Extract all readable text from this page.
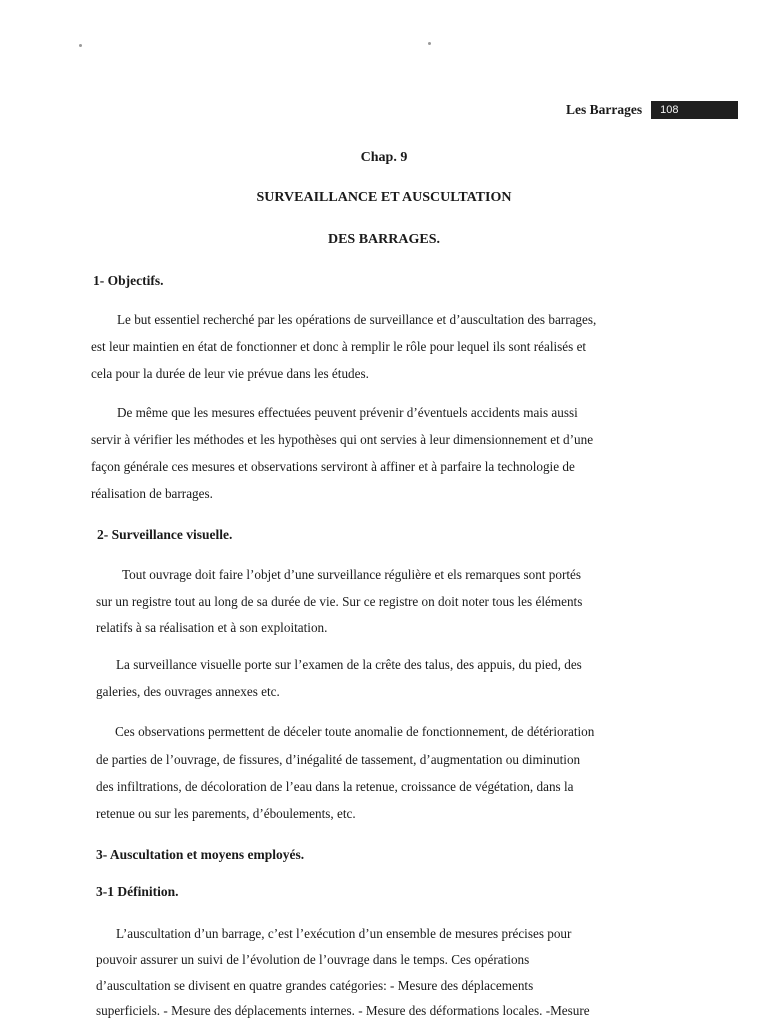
Les Barrages	108
Chap. 9
SURVEAILLANCE ET AUSCULTATION
DES BARRAGES.
1- Objectifs.
Le but essentiel recherché par les opérations de surveillance et d’auscultation des barrages,
est leur maintien en état de fonctionner et donc à remplir le rôle pour lequel ils sont réalisés et
cela pour la durée de leur vie prévue dans les études.
De même que les mesures effectuées peuvent prévenir d’éventuels accidents mais aussi
servir à vérifier les méthodes et les hypothèses qui ont servies à leur dimensionnement et d’une
façon générale ces mesures et observations serviront à affiner et à parfaire la technologie de
réalisation de barrages.
2- Surveillance visuelle.
Tout ouvrage doit faire l’objet d’une surveillance régulière et els remarques sont portés
sur un registre tout au long de sa durée de vie. Sur ce registre on doit noter tous les éléments
relatifs à sa réalisation et à son exploitation.
La surveillance visuelle porte sur l’examen de la crête des talus, des appuis, du pied, des
galeries, des ouvrages annexes etc.
Ces observations permettent de déceler toute anomalie de fonctionnement, de détérioration
de parties de l’ouvrage, de fissures, d’inégalité de tassement, d’augmentation ou diminution
des infiltrations, de décoloration de l’eau dans la retenue, croissance de végétation, dans la
retenue ou sur les parements, d’éboulements, etc.
3- Auscultation et moyens employés.
3-1 Définition.
L’auscultation d’un barrage, c’est l’exécution d’un ensemble de mesures précises pour
pouvoir assurer un suivi de l’évolution de l’ouvrage dans le temps. Ces opérations
d’auscultation se divisent en quatre grandes catégories: - Mesure des déplacements
superficiels. - Mesure des déplacements internes. - Mesure des déformations locales. -Mesure
